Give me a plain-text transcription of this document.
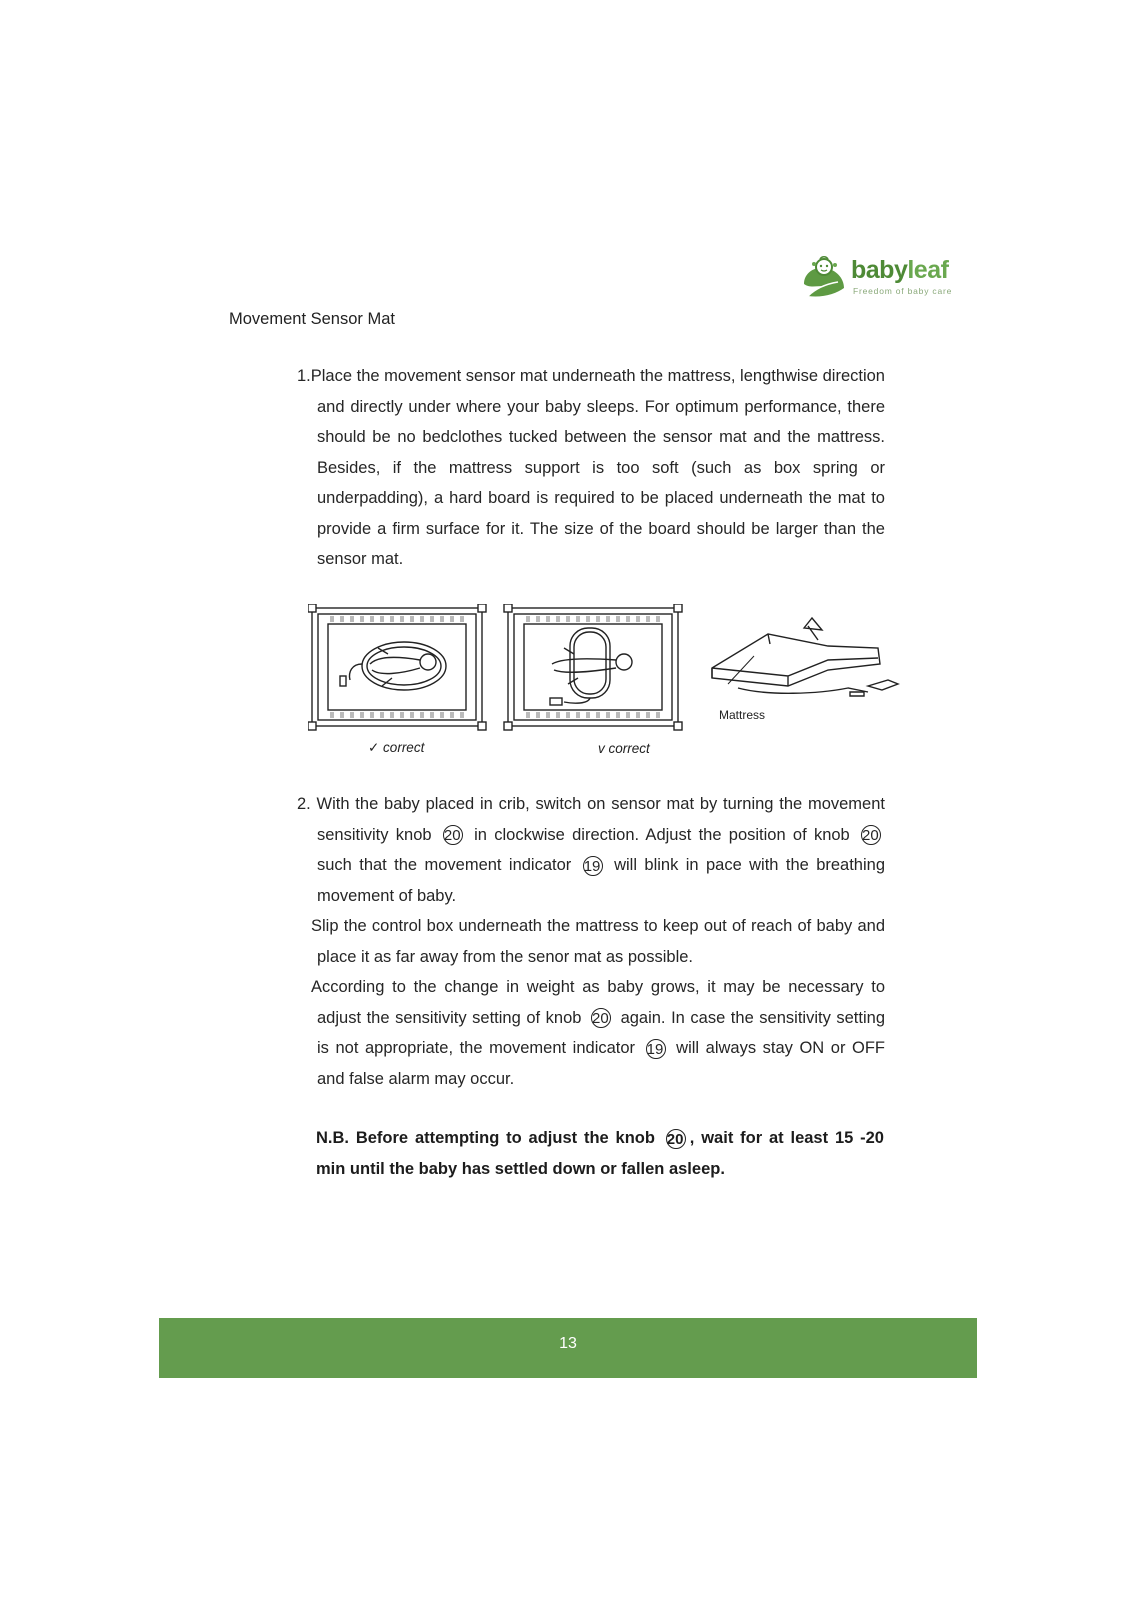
babyleaf
Freedom of baby care
Movement Sensor Mat

1.Place the movement sensor mat underneath the mattress, lengthwise direction and directly under where your baby sleeps. For optimum performance, there should be no bedclothes tucked between the sensor mat and the mattress. Besides, if the mattress support is too soft (such as box spring or underpadding), a hard board is required to be placed underneath the mat to provide a firm surface for it. The size of the board should be larger than the sensor mat.

✓ correct	v correct
Mattress

2. With the baby placed in crib, switch on sensor mat by turning the movement sensitivity knob 20 in clockwise direction. Adjust the position of knob 20 such that the movement indicator 19 will blink in pace with the breathing movement of baby.

Slip the control box underneath the mattress to keep out of reach of baby and place it as far away from the senor mat as possible.

According to the change in weight as baby grows, it may be necessary to adjust the sensitivity setting of knob 20 again. In case the sensitivity setting is not appropriate, the movement indicator 19 will always stay ON or OFF and false alarm may occur.

N.B. Before attempting to adjust the knob 20 , wait for at least 15 -20 min until the baby has settled down or fallen asleep.

13
